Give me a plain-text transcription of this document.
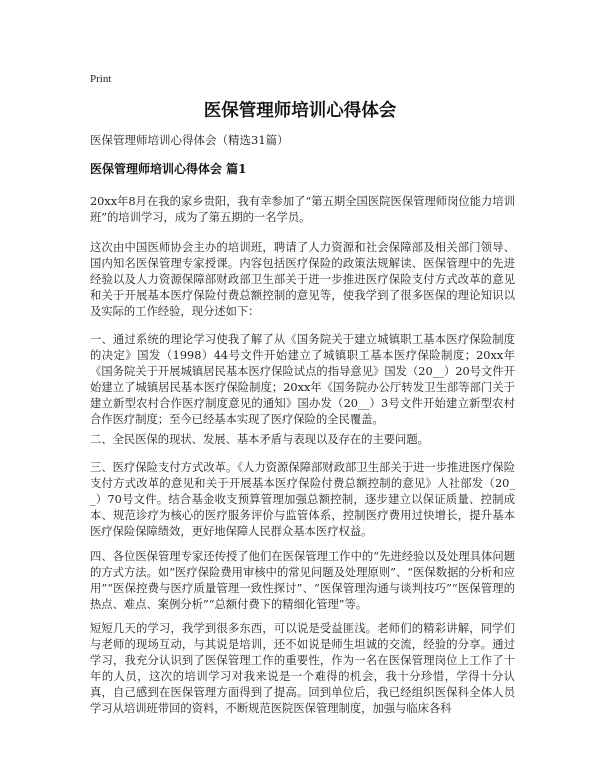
Print
医保管理师培训心得体会
医保管理师培训心得体会（精选31篇）
医保管理师培训心得体会 篇1

20xx年8月在我的家乡贵阳，我有幸参加了“第五期全国医院医保管理师岗位能力培训班”的培训学习，成为了第五期的一名学员。

这次由中国医师协会主办的培训班，聘请了人力资源和社会保障部及相关部门领导、国内知名医保管理专家授课。内容包括医疗保险的政策法规解读、医保管理中的先进经验以及人力资源保障部财政部卫生部关于进一步推进医疗保险支付方式改革的意见和关于开展基本医疗保险付费总额控制的意见等，使我学到了很多医保的理论知识以及实际的工作经验，现分述如下：

一、通过系统的理论学习使我了解了从《国务院关于建立城镇职工基本医疗保险制度的决定》国发（1998）44号文件开始建立了城镇职工基本医疗保险制度；20xx年《国务院关于开展城镇居民基本医疗保险试点的指导意见》国发（20__）20号文件开始建立了城镇居民基本医疗保险制度；20xx年《国务院办公厅转发卫生部等部门关于建立新型农村合作医疗制度意见的通知》国办发（20__）3号文件开始建立新型农村合作医疗制度；至今已经基本实现了医疗保险的全民覆盖。

二、全民医保的现状、发展、基本矛盾与表现以及存在的主要问题。

三、医疗保险支付方式改革。《人力资源保障部财政部卫生部关于进一步推进医疗保险支付方式改革的意见和关于开展基本医疗保险付费总额控制的意见》人社部发（20__）70号文件。结合基金收支预算管理加强总额控制，逐步建立以保证质量、控制成本、规范诊疗为核心的医疗服务评价与监管体系，控制医疗费用过快增长，提升基本医疗保险保障绩效，更好地保障人民群众基本医疗权益。

四、各位医保管理专家还传授了他们在医保管理工作中的“先进经验以及处理具体问题的方式方法。如“医疗保险费用审核中的常见问题及处理原则”、“医保数据的分析和应用”“医保控费与医疗质量管理一致性探讨”、“医保管理沟通与谈判技巧”“医保管理的热点、难点、案例分析”“总额付费下的精细化管理”等。

短短几天的学习，我学到很多东西，可以说是受益匪浅。老师们的精彩讲解，同学们与老师的现场互动，与其说是培训，还不如说是师生坦诚的交流，经验的分享。通过学习，我充分认识到了医保管理工作的重要性，作为一名在医保管理岗位上工作了十年的人员，这次的培训学习对我来说是一个难得的机会，我十分珍惜，学得十分认真，自己感到在医保管理方面得到了提高。回到单位后，我已经组织医保科全体人员学习从培训班带回的资料，不断规范医院医保管理制度，加强与临床各科
